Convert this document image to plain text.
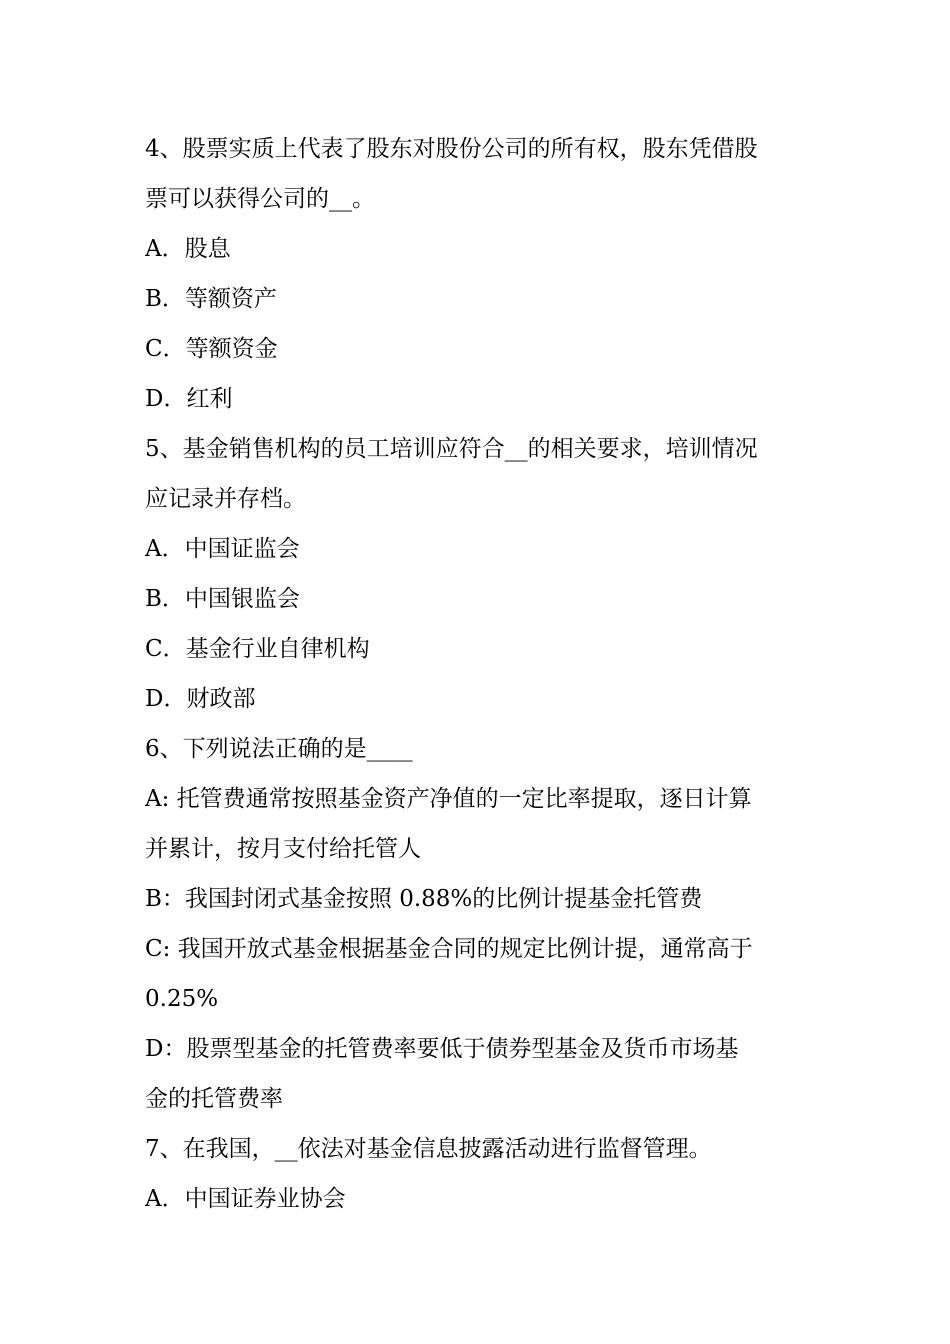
4、股票实质上代表了股东对股份公司的所有权，股东凭借股
票可以获得公司的__。
A．股息
B．等额资产
C．等额资金
D．红利
5、基金销售机构的员工培训应符合__的相关要求，培训情况
应记录并存档。
A．中国证监会
B．中国银监会
C．基金行业自律机构
D．财政部
6、下列说法正确的是____
A: 托管费通常按照基金资产净值的一定比率提取，逐日计算
并累计，按月支付给托管人
B：我国封闭式基金按照 0.88%的比例计提基金托管费
C: 我国开放式基金根据基金合同的规定比例计提，通常高于
0.25%
D：股票型基金的托管费率要低于债券型基金及货币市场基
金的托管费率
7、在我国，__依法对基金信息披露活动进行监督管理。
A．中国证券业协会
